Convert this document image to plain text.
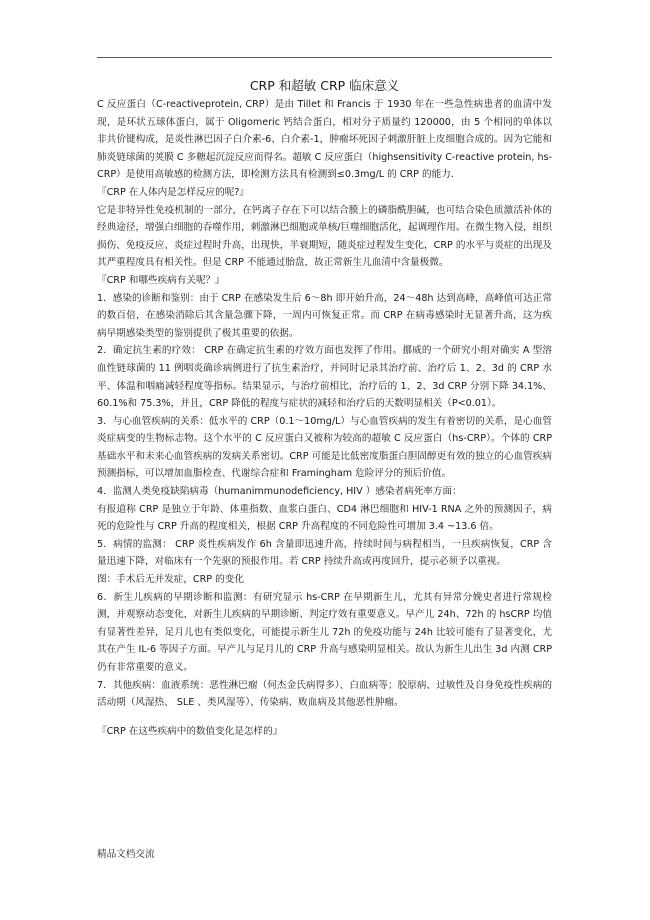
CRP 和超敏 CRP 临床意义

C 反应蛋白（C-reactiveprotein, CRP）是由 Tillet 和 Francis 于 1930 年在一些急性病患者的血清中发现，是环状五球体蛋白，属于 Oligomeric 钙结合蛋白，相对分子质量约 120000，由 5 个相同的单体以非共价键构成，是炎性淋巴因子白介素-6、白介素-1，肿瘤坏死因子刺激肝脏上皮细胞合成的。因为它能和肺炎链球菌的荚膜 C 多糖起沉淀反应而得名。超敏 C 反应蛋白（highsensitivity C-reactive protein, hs-CRP）是使用高敏感的检测方法，即检测方法具有检测到≤0.3mg/L 的 CRP 的能力.

『CRP 在人体内是怎样反应的呢?』

它是非特异性免疫机制的一部分，在钙离子存在下可以结合膜上的磷脂酰胆碱，也可结合染色质激活补体的经典途径，增强白细胞的吞噬作用，刺激淋巴细胞或单核/巨噬细胞活化，起调理作用。在微生物入侵，组织损伤、免疫反应、炎症过程时升高，出现快，半衰期短，随炎症过程发生变化，CRP 的水平与炎症的出现及其严重程度具有相关性。但是 CRP 不能通过胎盘，故正常新生儿血清中含量极微。

『CRP 和哪些疾病有关呢？』

1．感染的诊断和鉴别：由于 CRP 在感染发生后 6～8h 即开始升高，24～48h 达到高峰，高峰值可达正常的数百倍，在感染消除后其含量急骤下降，一周内可恢复正常。而 CRP 在病毒感染时无显著升高，这为疾病早期感染类型的鉴别提供了极其重要的依据。

2．确定抗生素的疗效： CRP 在确定抗生素的疗效方面也发挥了作用。挪威的一个研究小组对确实 A 型溶血性链球菌的 11 例咽炎确诊病例进行了抗生素治疗，并同时记录其治疗前、治疗后 1、2、3d 的 CRP 水平、体温和咽痛减轻程度等指标。结果显示，与治疗前相比，治疗后的 1、2、3d CRP 分别下降 34.1%、60.1%和 75.3%，并且，CRP 降低的程度与症状的减轻和治疗后的天数明显相关（P<0.01）。

3．与心血管疾病的关系：低水平的 CRP（0.1～10mg/L）与心血管疾病的发生有着密切的关系，是心血管炎症病变的生物标志物。这个水平的 C 反应蛋白又被称为较高的超敏 C 反应蛋白（hs-CRP）。个体的 CRP 基础水平和未来心血管疾病的发病关系密切。CRP 可能是比低密度脂蛋白胆固醇更有效的独立的心血管疾病预测指标，可以增加血脂检查、代谢综合症和 Framingham 危险评分的预后价值。

4．监测人类免疫缺陷病毒（humanimmunodeficiency, HIV ）感染者病死率方面：

有报道称 CRP 是独立于年龄、体重指数、血浆白蛋白、CD4 淋巴细胞和 HIV-1 RNA 之外的预测因子，病死的危险性与 CRP 升高的程度相关，根据 CRP 升高程度的不同危险性可增加 3.4 ~13.6 倍。

5．病情的监测： CRP 炎性疾病发作 6h 含量即迅速升高，持续时间与病程相当，一旦疾病恢复，CRP 含量迅速下降，对临床有一个先驱的预报作用。若 CRP 持续升高或再度回升，提示必须予以重视。

图：手术后无并发症，CRP 的变化

6．新生儿疾病的早期诊断和监测：有研究显示 hs-CRP 在早期新生儿，尤其有异常分娩史者进行常规检测，并观察动态变化，对新生儿疾病的早期诊断、判定疗效有重要意义。早产儿 24h、72h 的 hsCRP 均值有显著性差异，足月儿也有类似变化，可能提示新生儿 72h 的免疫功能与 24h 比较可能有了显著变化，尤其在产生 IL-6 等因子方面。早产儿与足月儿的 CRP 升高与感染明显相关。故认为新生儿出生 3d 内测 CRP 仍有非常重要的意义。

7．其他疾病：血液系统：恶性淋巴瘤（何杰金氏病得多）、白血病等；胶原病、过敏性及自身免疫性疾病的活动期（风湿热、 SLE 、类风湿等）、传染病、败血病及其他恶性肿瘤。

『CRP 在这些疾病中的数值变化是怎样的』

精品文档交流
